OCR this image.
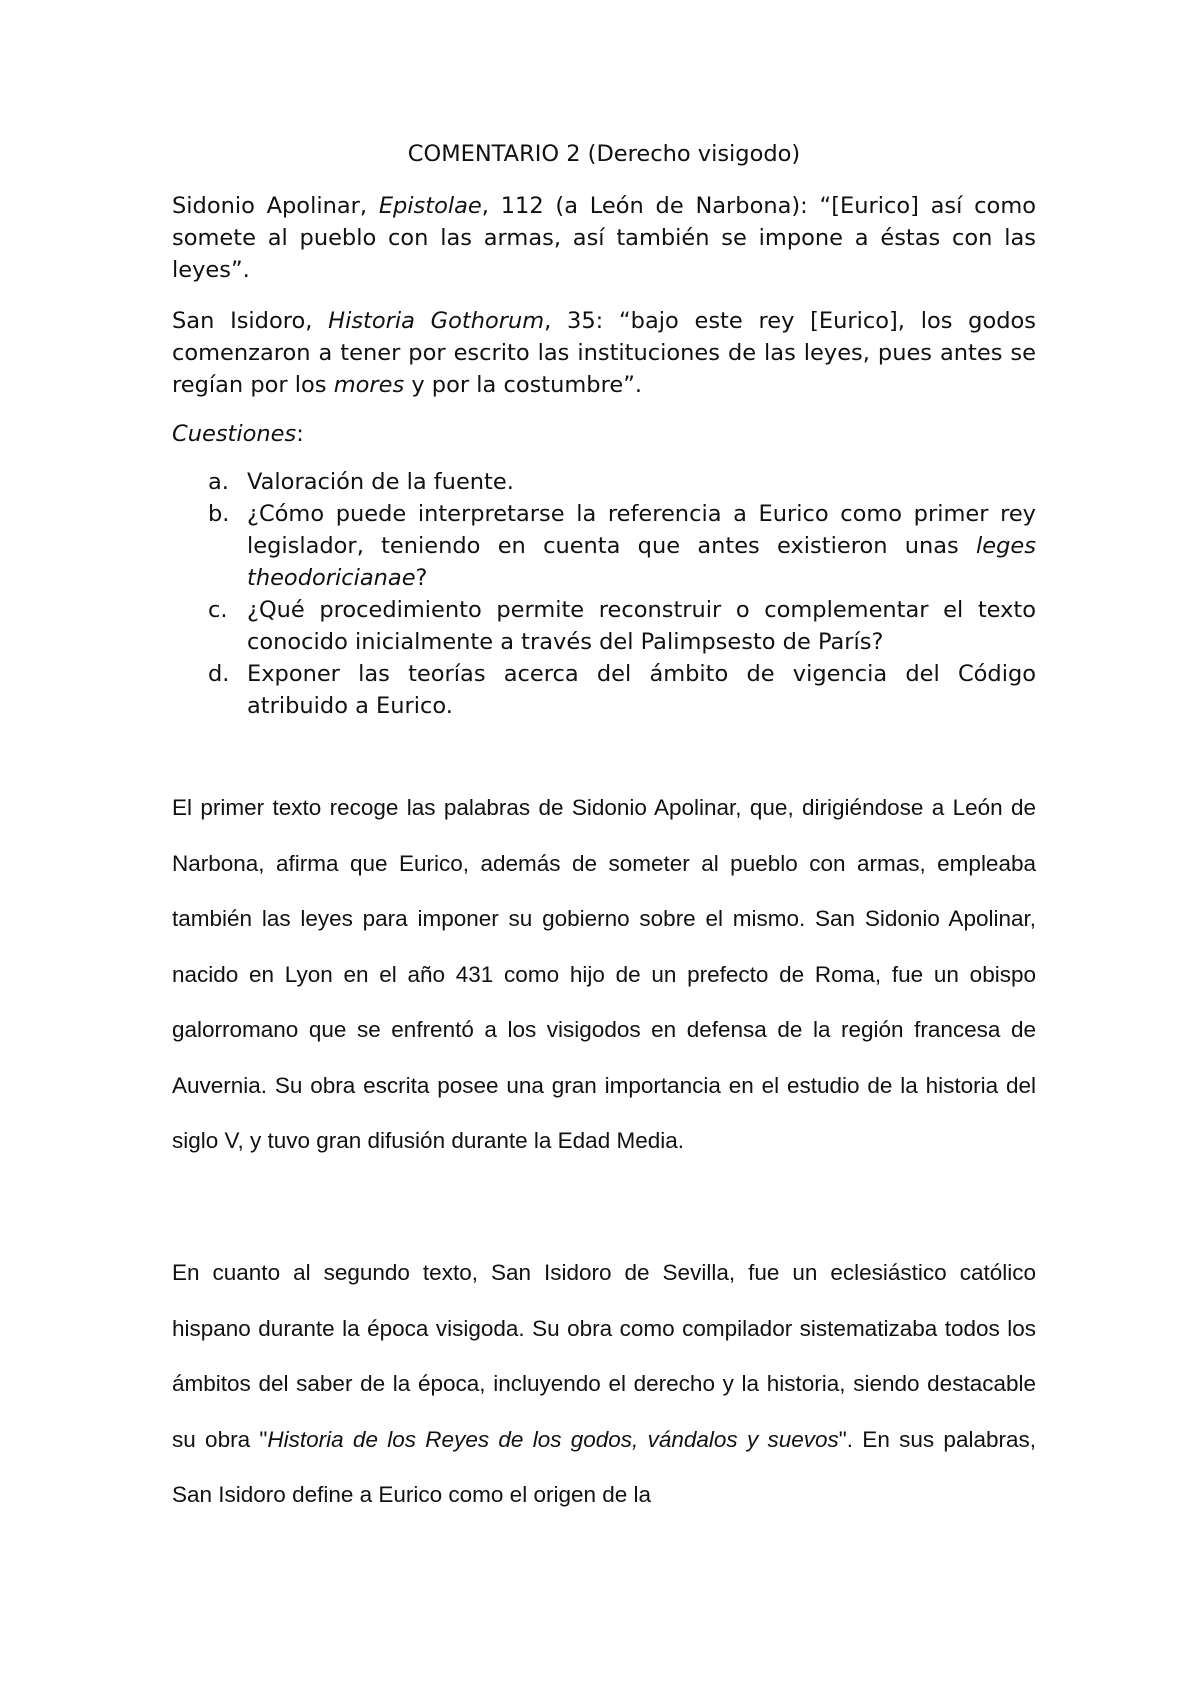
COMENTARIO 2 (Derecho visigodo)

Sidonio Apolinar, Epistolae, 112 (a León de Narbona): “[Eurico] así como somete al pueblo con las armas, así también se impone a éstas con las leyes”.

San Isidoro, Historia Gothorum, 35: “bajo este rey [Eurico], los godos comenzaron a tener por escrito las instituciones de las leyes, pues antes se regían por los mores y por la costumbre”.

Cuestiones:

a. Valoración de la fuente.
b. ¿Cómo puede interpretarse la referencia a Eurico como primer rey legislador, teniendo en cuenta que antes existieron unas leges theodoricianae?
c. ¿Qué procedimiento permite reconstruir o complementar el texto conocido inicialmente a través del Palimpsesto de París?
d. Exponer las teorías acerca del ámbito de vigencia del Código atribuido a Eurico.

El primer texto recoge las palabras de Sidonio Apolinar, que, dirigiéndose a León de Narbona, afirma que Eurico, además de someter al pueblo con armas, empleaba también las leyes para imponer su gobierno sobre el mismo. San Sidonio Apolinar, nacido en Lyon en el año 431 como hijo de un prefecto de Roma, fue un obispo galorromano que se enfrentó a los visigodos en defensa de la región francesa de Auvernia. Su obra escrita posee una gran importancia en el estudio de la historia del siglo V, y tuvo gran difusión durante la Edad Media.

En cuanto al segundo texto, San Isidoro de Sevilla, fue un eclesiástico católico hispano durante la época visigoda. Su obra como compilador sistematizaba todos los ámbitos del saber de la época, incluyendo el derecho y la historia, siendo destacable su obra "Historia de los Reyes de los godos, vándalos y suevos". En sus palabras, San Isidoro define a Eurico como el origen de la
